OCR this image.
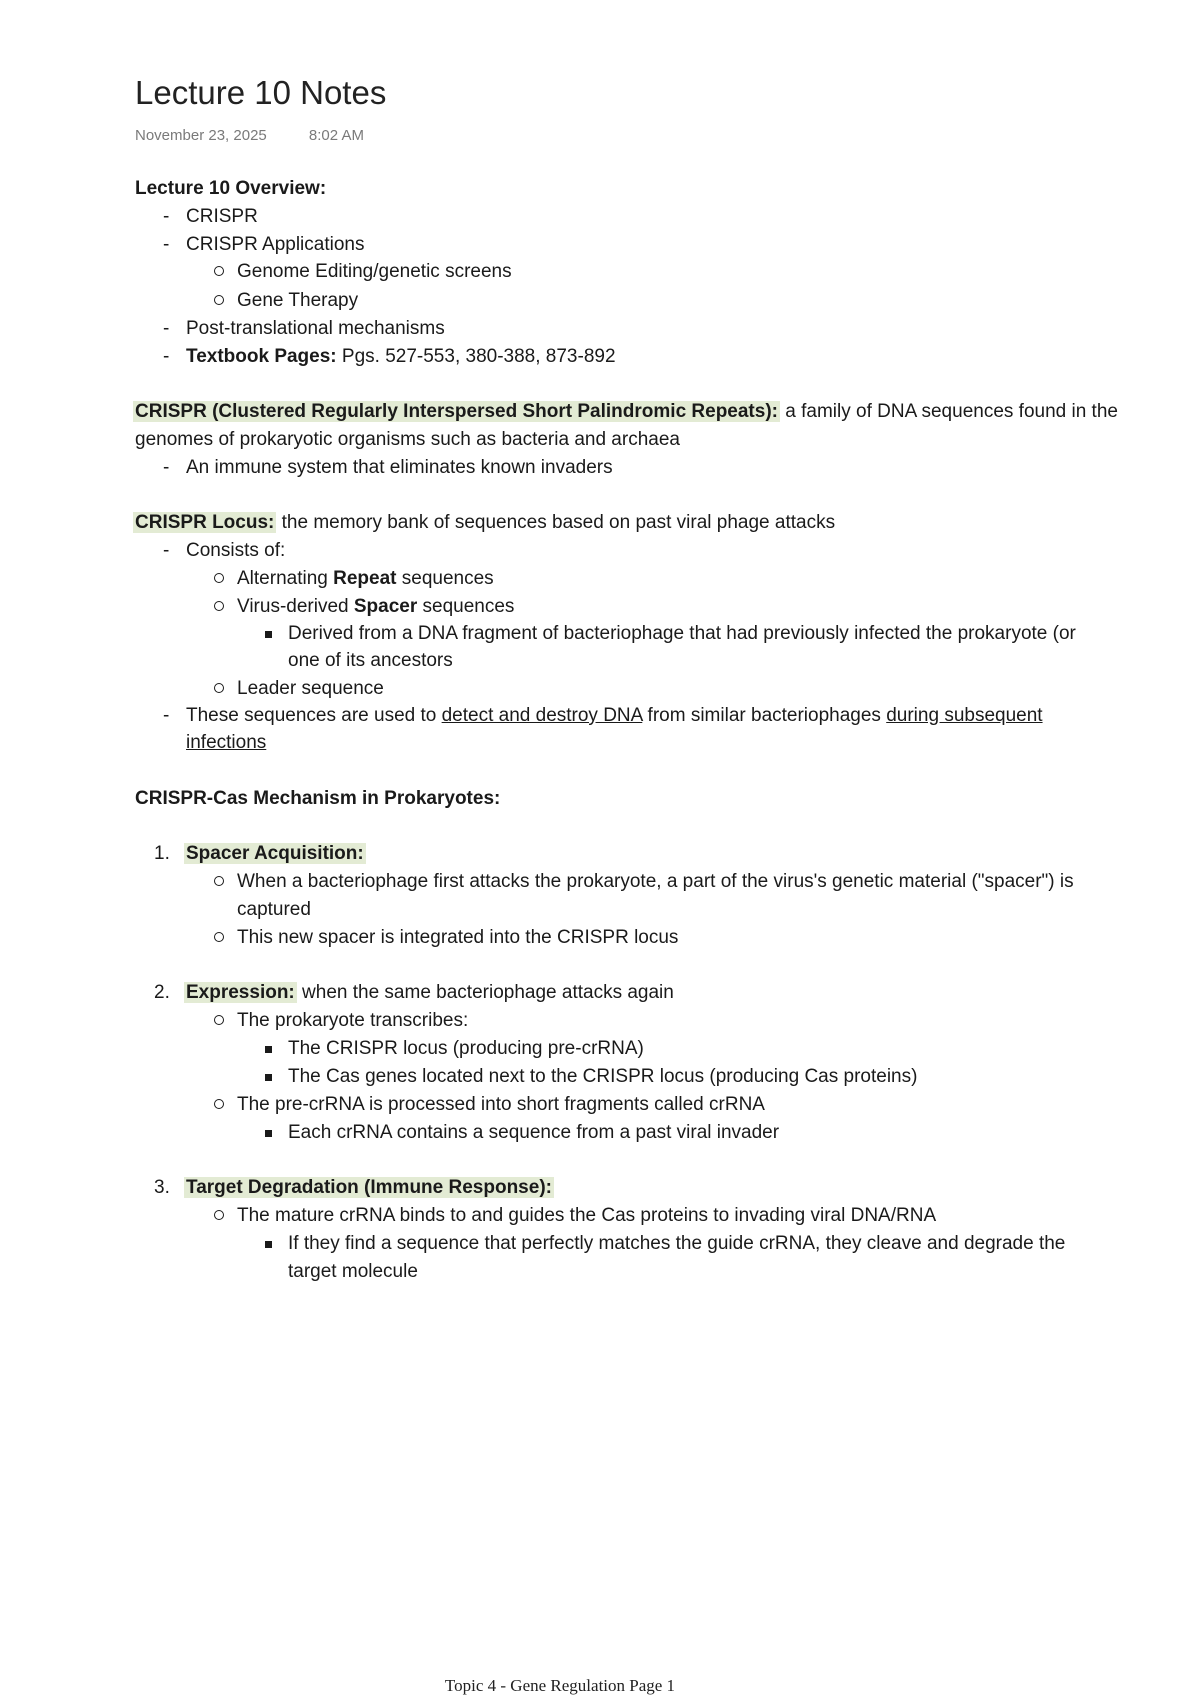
Lecture 10 Notes
November 23, 2025	8:02 AM
Lecture 10 Overview:
- CRISPR
- CRISPR Applications
Genome Editing/genetic screens
Gene Therapy
- Post-translational mechanisms
- Textbook Pages: Pgs. 527-553, 380-388, 873-892
CRISPR (Clustered Regularly Interspersed Short Palindromic Repeats): a family of DNA sequences found in the
genomes of prokaryotic organisms such as bacteria and archaea
- An immune system that eliminates known invaders
CRISPR Locus: the memory bank of sequences based on past viral phage attacks
- Consists of:
Alternating Repeat sequences
Virus-derived Spacer sequences
Derived from a DNA fragment of bacteriophage that had previously infected the prokaryote (or
one of its ancestors
Leader sequence
- These sequences are used to detect and destroy DNA from similar bacteriophages during subsequent
infections
CRISPR-Cas Mechanism in Prokaryotes:
1. Spacer Acquisition:
When a bacteriophage first attacks the prokaryote, a part of the virus's genetic material ("spacer") is
captured
This new spacer is integrated into the CRISPR locus
2. Expression: when the same bacteriophage attacks again
The prokaryote transcribes:
The CRISPR locus (producing pre-crRNA)
The Cas genes located next to the CRISPR locus (producing Cas proteins)
The pre-crRNA is processed into short fragments called crRNA
Each crRNA contains a sequence from a past viral invader
3. Target Degradation (Immune Response):
The mature crRNA binds to and guides the Cas proteins to invading viral DNA/RNA
If they find a sequence that perfectly matches the guide crRNA, they cleave and degrade the
target molecule
Topic 4 - Gene Regulation Page 1
